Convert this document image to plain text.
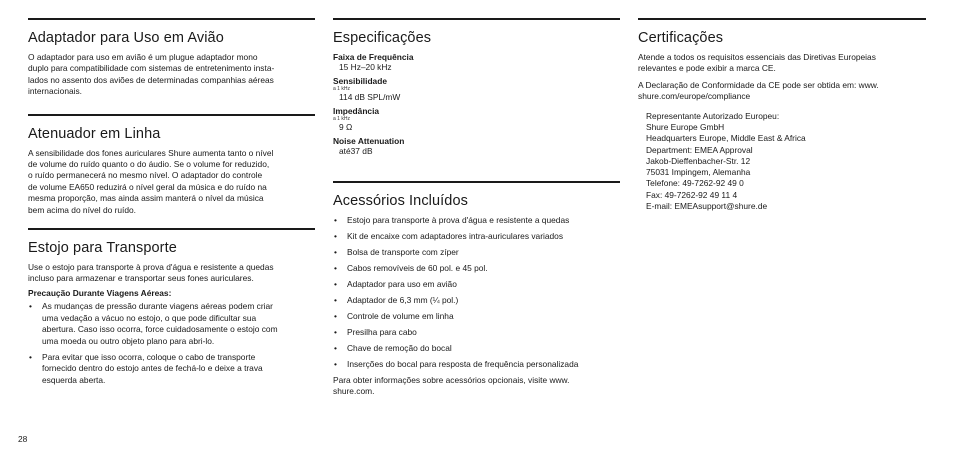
Adaptador para Uso em Avião

O adaptador para uso em avião é um plugue adaptador mono

duplo para compatibilidade com sistemas de entretenimento insta-

lados no assento dos aviões de determinadas companhias aéreas

internacionais.

Atenuador em Linha

A sensibilidade dos fones auriculares Shure aumenta tanto o nível

de volume do ruído quanto o do áudio. Se o volume for reduzido,

o ruído permanecerá no mesmo nível. O adaptador do controle

de volume EA650 reduzirá o nível geral da música e do ruído na

mesma proporção, mas ainda assim manterá o nível da música

bem acima do nível do ruído.

Estojo para Transporte

Use o estojo para transporte à prova d'água e resistente a quedas

incluso para armazenar e transportar seus fones auriculares.

Precaução Durante Viagens Aéreas:

• As mudanças de pressão durante viagens aéreas podem criar
uma vedação a vácuo no estojo, o que pode dificultar sua
abertura. Caso isso ocorra, force cuidadosamente o estojo com
uma moeda ou outro objeto plano para abri-lo.
• Para evitar que isso ocorra, coloque o cabo de transporte
fornecido dentro do estojo antes de fechá-lo e deixe a trava
esquerda aberta.
Especificações
Faixa de Frequência
15 Hz–20 kHz
Sensibilidade
a 1 kHz
114 dB SPL/mW
Impedância
a 1 kHz
9 Ω
Noise Attenuation
até37 dB
Acessórios Incluídos
• Estojo para transporte à prova d'água e resistente a quedas
• Kit de encaixe com adaptadores intra-auriculares variados
• Bolsa de transporte com zíper
• Cabos removíveis de 60 pol. e 45 pol.
• Adaptador para uso em avião
• Adaptador de 6,3 mm (¼ pol.)
• Controle de volume em linha
• Presilha para cabo
• Chave de remoção do bocal
• Inserções do bocal para resposta de frequência personalizada

Para obter informações sobre acessórios opcionais, visite www.

shure.com.

Certificações

Atende a todos os requisitos essenciais das Diretivas Europeias

relevantes e pode exibir a marca CE.

A Declaração de Conformidade da CE pode ser obtida em: www.

shure.com/europe/compliance

Representante Autorizado Europeu:

Shure Europe GmbH

Headquarters Europe, Middle East & Africa

Department: EMEA Approval

Jakob-Dieffenbacher-Str. 12

75031 Impingem, Alemanha

Telefone: 49-7262-92 49 0

Fax: 49-7262-92 49 11 4

E-mail: EMEAsupport@shure.de

28
